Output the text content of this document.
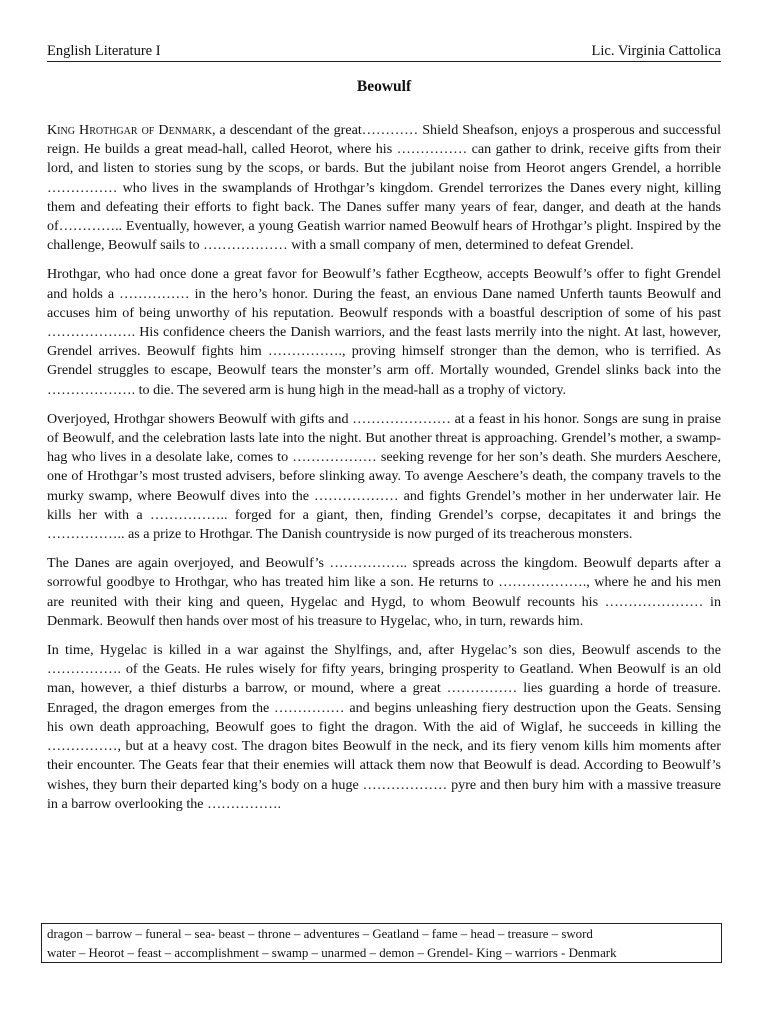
English Literature I	Lic. Virginia Cattolica
Beowulf

King Hrothgar of Denmark, a descendant of the great………… Shield Sheafson, enjoys a prosperous and successful reign. He builds a great mead-hall, called Heorot, where his …………… can gather to drink, receive gifts from their lord, and listen to stories sung by the scops, or bards. But the jubilant noise from Heorot angers Grendel, a horrible …………… who lives in the swamplands of Hrothgar’s kingdom. Grendel terrorizes the Danes every night, killing them and defeating their efforts to fight back. The Danes suffer many years of fear, danger, and death at the hands of………….. Eventually, however, a young Geatish warrior named Beowulf hears of Hrothgar’s plight. Inspired by the challenge, Beowulf sails to ……………… with a small company of men, determined to defeat Grendel.

Hrothgar, who had once done a great favor for Beowulf’s father Ecgtheow, accepts Beowulf’s offer to fight Grendel and holds a …………… in the hero’s honor. During the feast, an envious Dane named Unferth taunts Beowulf and accuses him of being unworthy of his reputation. Beowulf responds with a boastful description of some of his past ………………. His confidence cheers the Danish warriors, and the feast lasts merrily into the night. At last, however, Grendel arrives. Beowulf fights him ……………., proving himself stronger than the demon, who is terrified. As Grendel struggles to escape, Beowulf tears the monster’s arm off. Mortally wounded, Grendel slinks back into the ………………. to die. The severed arm is hung high in the mead-hall as a trophy of victory.

Overjoyed, Hrothgar showers Beowulf with gifts and ………………… at a feast in his honor. Songs are sung in praise of Beowulf, and the celebration lasts late into the night. But another threat is approaching. Grendel’s mother, a swamp-hag who lives in a desolate lake, comes to ……………… seeking revenge for her son’s death. She murders Aeschere, one of Hrothgar’s most trusted advisers, before slinking away. To avenge Aeschere’s death, the company travels to the murky swamp, where Beowulf dives into the ……………… and fights Grendel’s mother in her underwater lair. He kills her with a …………….. forged for a giant, then, finding Grendel’s corpse, decapitates it and brings the …………….. as a prize to Hrothgar. The Danish countryside is now purged of its treacherous monsters.

The Danes are again overjoyed, and Beowulf’s …………….. spreads across the kingdom. Beowulf departs after a sorrowful goodbye to Hrothgar, who has treated him like a son. He returns to ………………., where he and his men are reunited with their king and queen, Hygelac and Hygd, to whom Beowulf recounts his ………………… in Denmark. Beowulf then hands over most of his treasure to Hygelac, who, in turn, rewards him.

In time, Hygelac is killed in a war against the Shylfings, and, after Hygelac’s son dies, Beowulf ascends to the ……………. of the Geats. He rules wisely for fifty years, bringing prosperity to Geatland. When Beowulf is an old man, however, a thief disturbs a barrow, or mound, where a great …………… lies guarding a horde of treasure. Enraged, the dragon emerges from the …………… and begins unleashing fiery destruction upon the Geats. Sensing his own death approaching, Beowulf goes to fight the dragon. With the aid of Wiglaf, he succeeds in killing the ……………, but at a heavy cost. The dragon bites Beowulf in the neck, and its fiery venom kills him moments after their encounter. The Geats fear that their enemies will attack them now that Beowulf is dead. According to Beowulf’s wishes, they burn their departed king’s body on a huge ……………… pyre and then bury him with a massive treasure in a barrow overlooking the …………….

dragon – barrow – funeral – sea- beast – throne – adventures – Geatland – fame – head – treasure – sword
water – Heorot – feast – accomplishment – swamp – unarmed – demon – Grendel- King – warriors - Denmark
